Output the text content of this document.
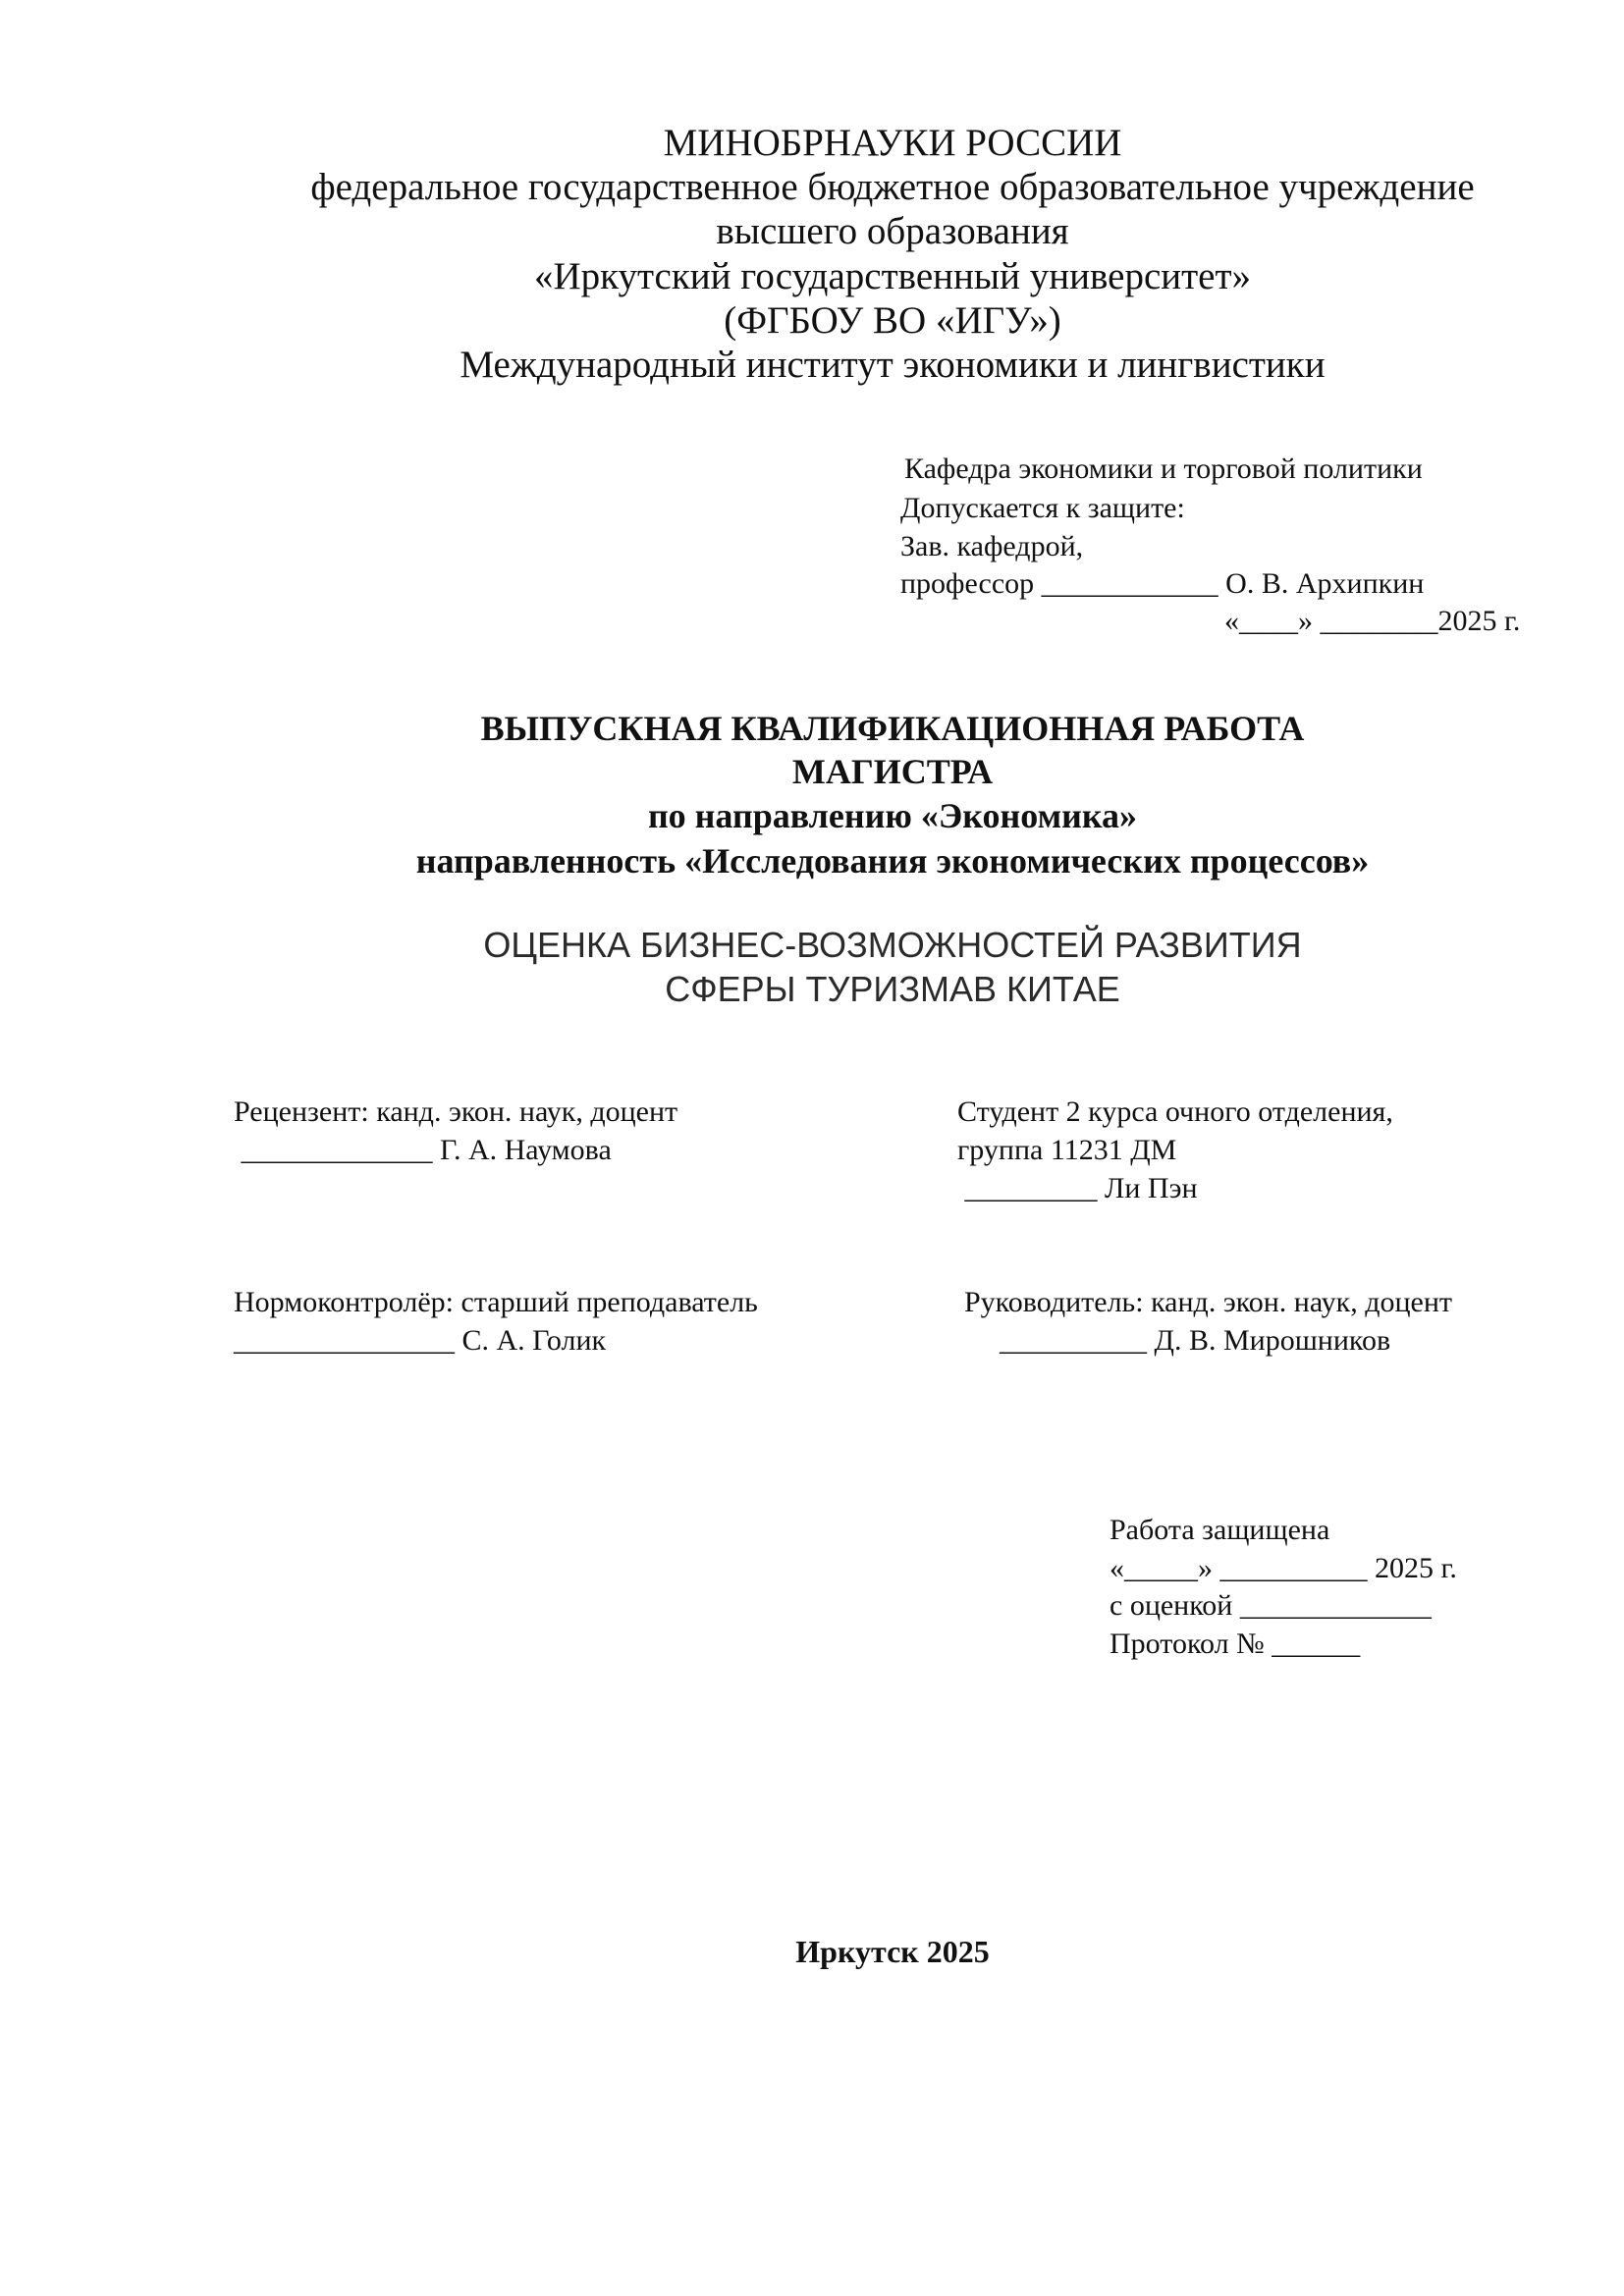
МИНОБРНАУКИ РОССИИ
федеральное государственное бюджетное образовательное учреждение
высшего образования
«Иркутский государственный университет»
(ФГБОУ ВО «ИГУ»)
Международный институт экономики и лингвистики
Кафедра экономики и торговой политики
Допускается к защите:
Зав. кафедрой,
профессор ____________ О. В. Архипкин
«____» ________2025 г.
ВЫПУСКНАЯ КВАЛИФИКАЦИОННАЯ РАБОТА
МАГИСТРА
по направлению «Экономика»
направленность «Исследования экономических процессов»
ОЦЕНКА БИЗНЕС-ВОЗМОЖНОСТЕЙ РАЗВИТИЯ
СФЕРЫ ТУРИЗМАВ КИТАЕ
Рецензент: канд. экон. наук, доцент
_____________ Г. А. Наумова
Студент 2 курса очного отделения,
группа 11231 ДМ
_________ Ли Пэн
Нормоконтролёр: старший преподаватель
_______________ С. А. Голик
Руководитель: канд. экон. наук, доцент
__________ Д. В. Мирошников
Работа защищена
«_____» __________ 2025 г.
с оценкой _____________
Протокол № ______
Иркутск 2025
